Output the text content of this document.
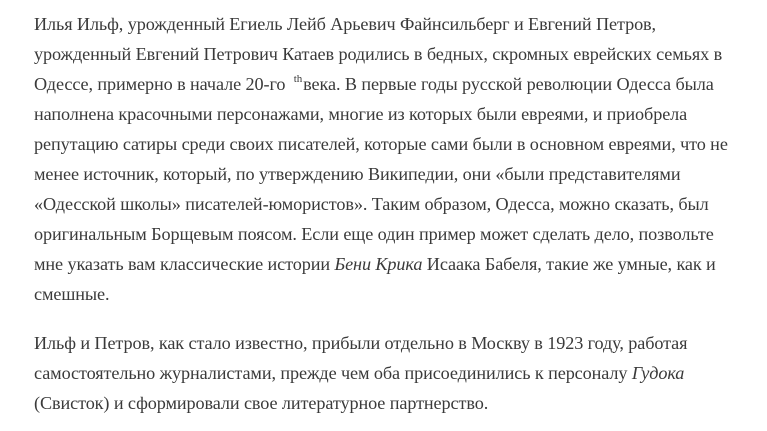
Илья Ильф, урожденный Егиель Лейб Арьевич Файнсильберг и Евгений Петров,
урожденный Евгений Петрович Катаев родились в бедных, скромных еврейских семьях в
Одессе, примерно в начале 20-го $^{th}$века. В первые годы русской революции Одесса была
наполнена красочными персонажами, многие из которых были евреями, и приобрела
репутацию сатиры среди своих писателей, которые сами были в основном евреями, что не
менее источник, который, по утверждению Википедии, они «были представителями
«Одесской школы» писателей-юмористов». Таким образом, Одесса, можно сказать, был
оригинальным Борщевым поясом. Если еще один пример может сделать дело, позвольте
мне указать вам классические истории Бени Крика Исаака Бабеля, такие же умные, как и
смешные.

Ильф и Петров, как стало известно, прибыли отдельно в Москву в 1923 году, работая
самостоятельно журналистами, прежде чем оба присоединились к персоналу Гудока
(Свисток) и сформировали свое литературное партнерство.
